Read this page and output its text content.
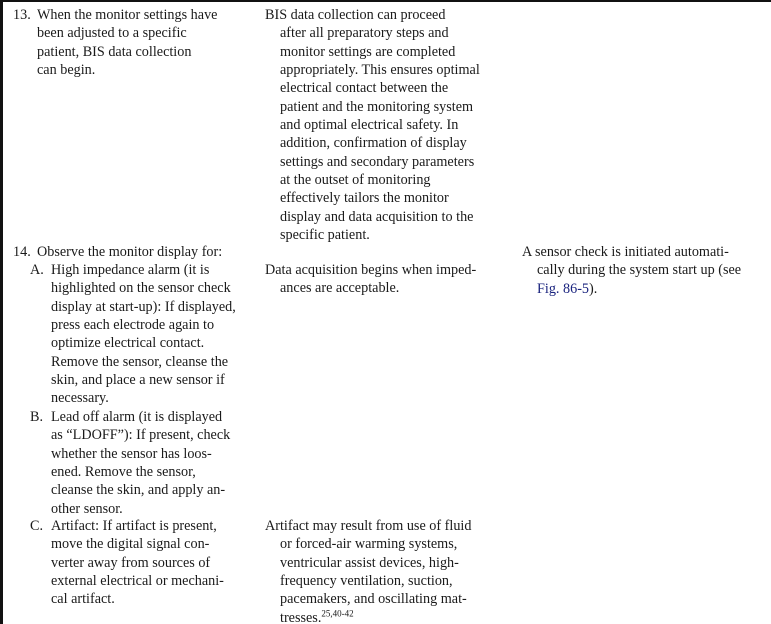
13. When the monitor settings have
been adjusted to a specific
patient, BIS data collection
can begin.
BIS data collection can proceed
after all preparatory steps and
monitor settings are completed
appropriately. This ensures optimal
electrical contact between the
patient and the monitoring system
and optimal electrical safety. In
addition, confirmation of display
settings and secondary parameters
at the outset of monitoring
effectively tailors the monitor
display and data acquisition to the
specific patient.
14. Observe the monitor display for:
A. High impedance alarm (it is
highlighted on the sensor check
display at start-up): If displayed,
press each electrode again to
optimize electrical contact.
Remove the sensor, cleanse the
skin, and place a new sensor if
necessary.
Data acquisition begins when imped-
ances are acceptable.
A sensor check is initiated automati-
cally during the system start up (see
Fig. 86-5).
B. Lead off alarm (it is displayed
as “LDOFF”): If present, check
whether the sensor has loos-
ened. Remove the sensor,
cleanse the skin, and apply an-
other sensor.
C. Artifact: If artifact is present,
move the digital signal con-
verter away from sources of
external electrical or mechani-
cal artifact.
Artifact may result from use of fluid
or forced-air warming systems,
ventricular assist devices, high-
frequency ventilation, suction,
pacemakers, and oscillating mat-
tresses.$^{25,40-42}$
